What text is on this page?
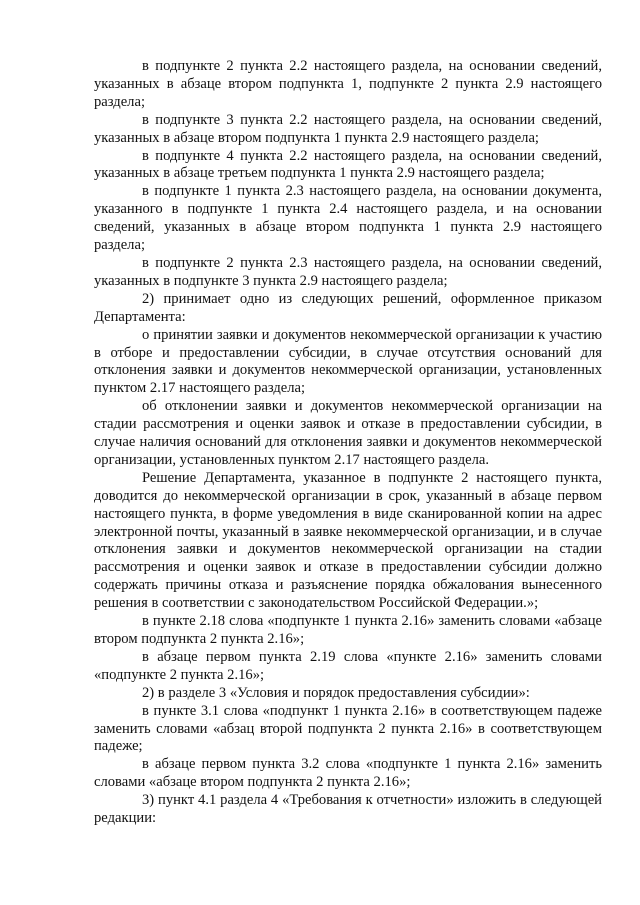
в подпункте 2 пункта 2.2 настоящего раздела, на основании сведений, указанных в абзаце втором подпункта 1, подпункте 2 пункта 2.9 настоящего раздела;

в подпункте 3 пункта 2.2 настоящего раздела, на основании сведений, указанных в абзаце втором подпункта 1 пункта 2.9 настоящего раздела;

в подпункте 4 пункта 2.2 настоящего раздела, на основании сведений, указанных в абзаце третьем подпункта 1 пункта 2.9 настоящего раздела;

в подпункте 1 пункта 2.3 настоящего раздела, на основании документа, указанного в подпункте 1 пункта 2.4 настоящего раздела, и на основании сведений, указанных в абзаце втором подпункта 1 пункта 2.9 настоящего раздела;

в подпункте 2 пункта 2.3 настоящего раздела, на основании сведений, указанных в подпункте 3 пункта 2.9 настоящего раздела;

2) принимает одно из следующих решений, оформленное приказом Департамента:

о принятии заявки и документов некоммерческой организации к участию в отборе и предоставлении субсидии, в случае отсутствия оснований для отклонения заявки и документов некоммерческой организации, установленных пунктом 2.17 настоящего раздела;

об отклонении заявки и документов некоммерческой организации на стадии рассмотрения и оценки заявок и отказе в предоставлении субсидии, в случае наличия оснований для отклонения заявки и документов некоммерческой организации, установленных пунктом 2.17 настоящего раздела.

Решение Департамента, указанное в подпункте 2 настоящего пункта, доводится до некоммерческой организации в срок, указанный в абзаце первом настоящего пункта, в форме уведомления в виде сканированной копии на адрес электронной почты, указанный в заявке некоммерческой организации, и в случае отклонения заявки и документов некоммерческой организации на стадии рассмотрения и оценки заявок и отказе в предоставлении субсидии должно содержать причины отказа и разъяснение порядка обжалования вынесенного решения в соответствии с законодательством Российской Федерации.»;

в пункте 2.18 слова «подпункте 1 пункта 2.16» заменить словами «абзаце втором подпункта 2 пункта 2.16»;

в абзаце первом пункта 2.19 слова «пункте 2.16» заменить словами «подпункте 2 пункта 2.16»;

2) в разделе 3 «Условия и порядок предоставления субсидии»:

в пункте 3.1 слова «подпункт 1 пункта 2.16» в соответствующем падеже заменить словами «абзац второй подпункта 2 пункта 2.16» в соответствующем падеже;

в абзаце первом пункта 3.2 слова «подпункте 1 пункта 2.16» заменить словами «абзаце втором подпункта 2 пункта 2.16»;

3) пункт 4.1 раздела 4 «Требования к отчетности» изложить в следующей редакции:
